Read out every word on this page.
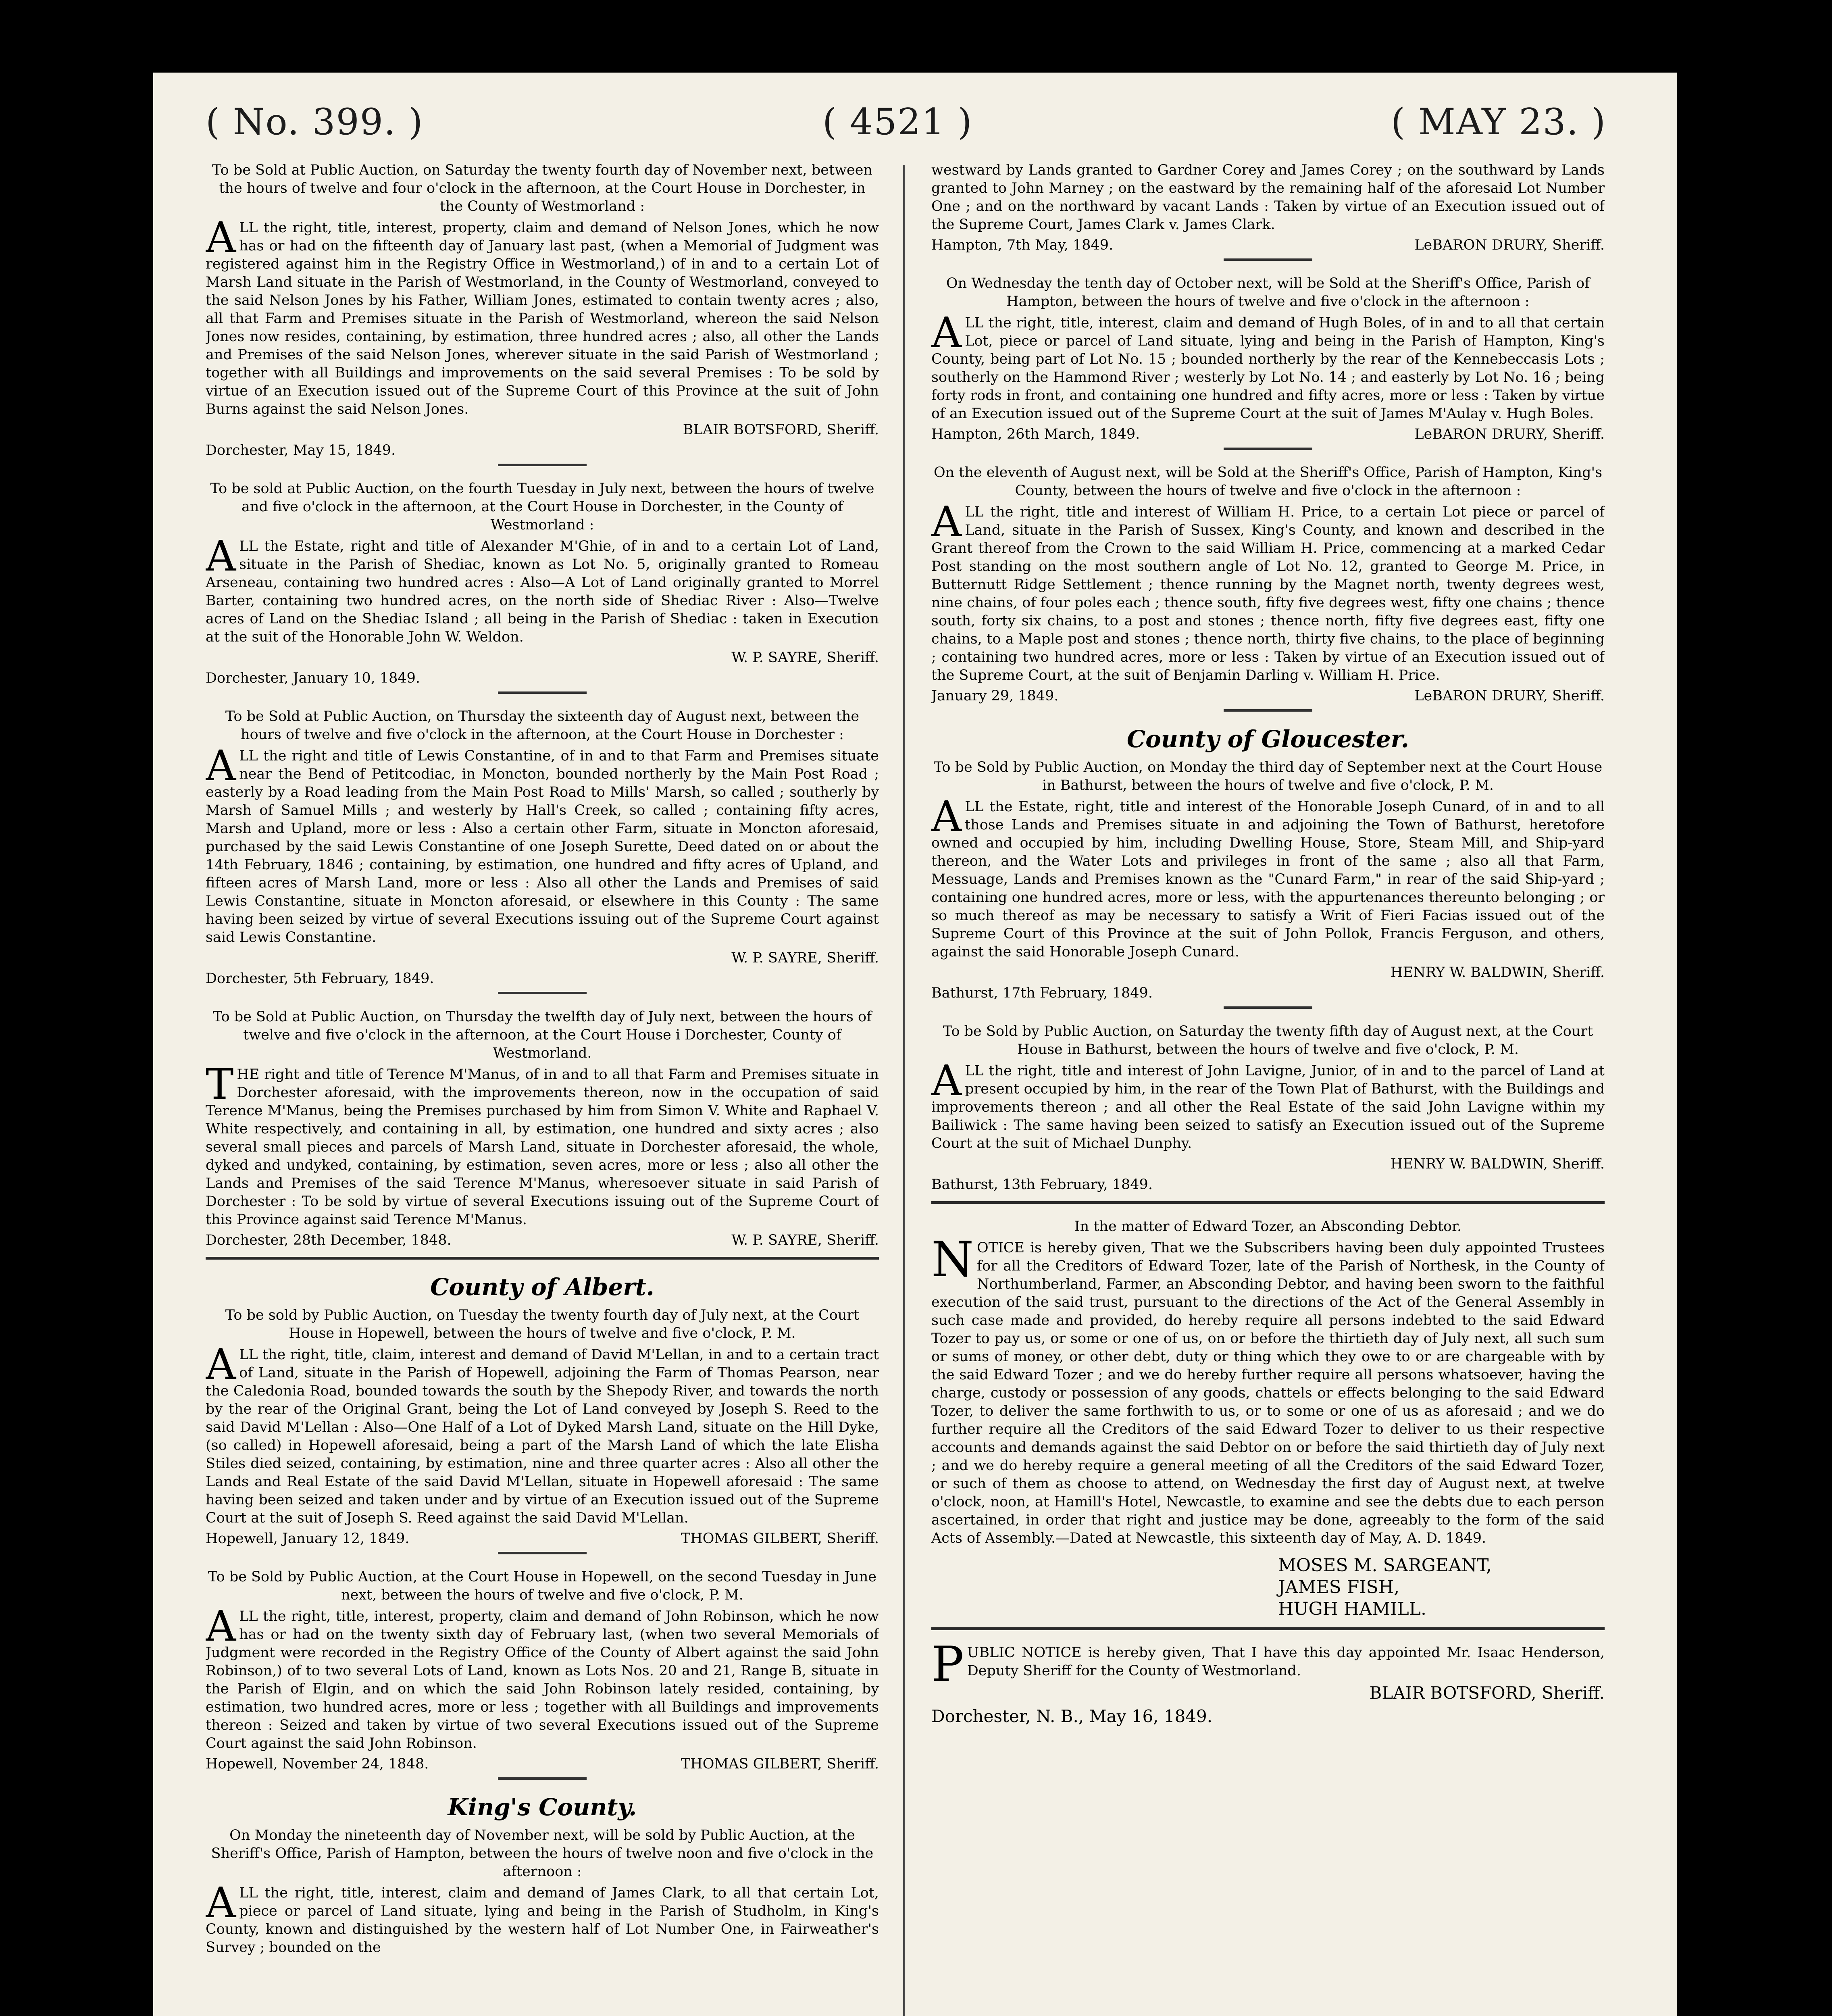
( No. 399. )	( 4521 )	( MAY 23. )

To be Sold at Public Auction, on Saturday the twenty fourth day of November next, between the hours of twelve and four o'clock in the afternoon, at the Court House in Dorchester, in the County of Westmorland :

ALL the right, title, interest, property, claim and demand of Nelson Jones, which he now has or had on the fifteenth day of January last past, (when a Memorial of Judgment was registered against him in the Registry Office in Westmorland,) of in and to a certain Lot of Marsh Land situate in the Parish of Westmorland, in the County of Westmorland, conveyed to the said Nelson Jones by his Father, William Jones, estimated to contain twenty acres ; also, all that Farm and Premises situate in the Parish of Westmorland, whereon the said Nelson Jones now resides, containing, by estimation, three hundred acres ; also, all other the Lands and Premises of the said Nelson Jones, wherever situate in the said Parish of Westmorland ; together with all Buildings and improvements on the said several Premises : To be sold by virtue of an Execution issued out of the Supreme Court of this Province at the suit of John Burns against the said Nelson Jones.

BLAIR BOTSFORD, Sheriff.
Dorchester, May 15, 1849.

To be sold at Public Auction, on the fourth Tuesday in July next, between the hours of twelve and five o'clock in the afternoon, at the Court House in Dorchester, in the County of Westmorland :

ALL the Estate, right and title of Alexander M'Ghie, of in and to a certain Lot of Land, situate in the Parish of Shediac, known as Lot No. 5, originally granted to Romeau Arseneau, containing two hundred acres : Also—A Lot of Land originally granted to Morrel Barter, containing two hundred acres, on the north side of Shediac River : Also—Twelve acres of Land on the Shediac Island ; all being in the Parish of Shediac : taken in Execution at the suit of the Honorable John W. Weldon.

W. P. SAYRE, Sheriff.
Dorchester, January 10, 1849.

To be Sold at Public Auction, on Thursday the sixteenth day of August next, between the hours of twelve and five o'clock in the afternoon, at the Court House in Dorchester :

ALL the right and title of Lewis Constantine, of in and to that Farm and Premises situate near the Bend of Petitcodiac, in Moncton, bounded northerly by the Main Post Road ; easterly by a Road leading from the Main Post Road to Mills' Marsh, so called ; southerly by Marsh of Samuel Mills ; and westerly by Hall's Creek, so called ; containing fifty acres, Marsh and Upland, more or less : Also a certain other Farm, situate in Moncton aforesaid, purchased by the said Lewis Constantine of one Joseph Surette, Deed dated on or about the 14th February, 1846 ; containing, by estimation, one hundred and fifty acres of Upland, and fifteen acres of Marsh Land, more or less : Also all other the Lands and Premises of said Lewis Constantine, situate in Moncton aforesaid, or elsewhere in this County : The same having been seized by virtue of several Executions issuing out of the Supreme Court against said Lewis Constantine.

W. P. SAYRE, Sheriff.
Dorchester, 5th February, 1849.

To be Sold at Public Auction, on Thursday the twelfth day of July next, between the hours of twelve and five o'clock in the afternoon, at the Court House i Dorchester, County of Westmorland.

THE right and title of Terence M'Manus, of in and to all that Farm and Premises situate in Dorchester aforesaid, with the improvements thereon, now in the occupation of said Terence M'Manus, being the Premises purchased by him from Simon V. White and Raphael V. White respectively, and containing in all, by estimation, one hundred and sixty acres ; also several small pieces and parcels of Marsh Land, situate in Dorchester aforesaid, the whole, dyked and undyked, containing, by estimation, seven acres, more or less ; also all other the Lands and Premises of the said Terence M'Manus, wheresoever situate in said Parish of Dorchester : To be sold by virtue of several Executions issuing out of the Supreme Court of this Province against said Terence M'Manus.

Dorchester, 28th December, 1848.	W. P. SAYRE, Sheriff.
County of Albert.

To be sold by Public Auction, on Tuesday the twenty fourth day of July next, at the Court House in Hopewell, between the hours of twelve and five o'clock, P. M.

ALL the right, title, claim, interest and demand of David M'Lellan, in and to a certain tract of Land, situate in the Parish of Hopewell, adjoining the Farm of Thomas Pearson, near the Caledonia Road, bounded towards the south by the Shepody River, and towards the north by the rear of the Original Grant, being the Lot of Land conveyed by Joseph S. Reed to the said David M'Lellan : Also—One Half of a Lot of Dyked Marsh Land, situate on the Hill Dyke, (so called) in Hopewell aforesaid, being a part of the Marsh Land of which the late Elisha Stiles died seized, containing, by estimation, nine and three quarter acres : Also all other the Lands and Real Estate of the said David M'Lellan, situate in Hopewell aforesaid : The same having been seized and taken under and by virtue of an Execution issued out of the Supreme Court at the suit of Joseph S. Reed against the said David M'Lellan.

Hopewell, January 12, 1849.	THOMAS GILBERT, Sheriff.

To be Sold by Public Auction, at the Court House in Hopewell, on the second Tuesday in June next, between the hours of twelve and five o'clock, P. M.

ALL the right, title, interest, property, claim and demand of John Robinson, which he now has or had on the twenty sixth day of February last, (when two several Memorials of Judgment were recorded in the Registry Office of the County of Albert against the said John Robinson,) of to two several Lots of Land, known as Lots Nos. 20 and 21, Range B, situate in the Parish of Elgin, and on which the said John Robinson lately resided, containing, by estimation, two hundred acres, more or less ; together with all Buildings and improvements thereon : Seized and taken by virtue of two several Executions issued out of the Supreme Court against the said John Robinson.

Hopewell, November 24, 1848.	THOMAS GILBERT, Sheriff.
King's County.

On Monday the nineteenth day of November next, will be sold by Public Auction, at the Sheriff's Office, Parish of Hampton, between the hours of twelve noon and five o'clock in the afternoon :

ALL the right, title, interest, claim and demand of James Clark, to all that certain Lot, piece or parcel of Land situate, lying and being in the Parish of Studholm, in King's County, known and distinguished by the western half of Lot Number One, in Fairweather's Survey ; bounded on the

westward by Lands granted to Gardner Corey and James Corey ; on the southward by Lands granted to John Marney ; on the eastward by the remaining half of the aforesaid Lot Number One ; and on the northward by vacant Lands : Taken by virtue of an Execution issued out of the Supreme Court, James Clark v. James Clark.

Hampton, 7th May, 1849.	LeBARON DRURY, Sheriff.

On Wednesday the tenth day of October next, will be Sold at the Sheriff's Office, Parish of Hampton, between the hours of twelve and five o'clock in the afternoon :

ALL the right, title, interest, claim and demand of Hugh Boles, of in and to all that certain Lot, piece or parcel of Land situate, lying and being in the Parish of Hampton, King's County, being part of Lot No. 15 ; bounded northerly by the rear of the Kennebeccasis Lots ; southerly on the Hammond River ; westerly by Lot No. 14 ; and easterly by Lot No. 16 ; being forty rods in front, and containing one hundred and fifty acres, more or less : Taken by virtue of an Execution issued out of the Supreme Court at the suit of James M'Aulay v. Hugh Boles.

Hampton, 26th March, 1849.	LeBARON DRURY, Sheriff.

On the eleventh of August next, will be Sold at the Sheriff's Office, Parish of Hampton, King's County, between the hours of twelve and five o'clock in the afternoon :

ALL the right, title and interest of William H. Price, to a certain Lot piece or parcel of Land, situate in the Parish of Sussex, King's County, and known and described in the Grant thereof from the Crown to the said William H. Price, commencing at a marked Cedar Post standing on the most southern angle of Lot No. 12, granted to George M. Price, in Butternutt Ridge Settlement ; thence running by the Magnet north, twenty degrees west, nine chains, of four poles each ; thence south, fifty five degrees west, fifty one chains ; thence south, forty six chains, to a post and stones ; thence north, fifty five degrees east, fifty one chains, to a Maple post and stones ; thence north, thirty five chains, to the place of beginning ; containing two hundred acres, more or less : Taken by virtue of an Execution issued out of the Supreme Court, at the suit of Benjamin Darling v. William H. Price.

January 29, 1849.	LeBARON DRURY, Sheriff.
County of Gloucester.

To be Sold by Public Auction, on Monday the third day of September next at the Court House in Bathurst, between the hours of twelve and five o'clock, P. M.

ALL the Estate, right, title and interest of the Honorable Joseph Cunard, of in and to all those Lands and Premises situate in and adjoining the Town of Bathurst, heretofore owned and occupied by him, including Dwelling House, Store, Steam Mill, and Ship-yard thereon, and the Water Lots and privileges in front of the same ; also all that Farm, Messuage, Lands and Premises known as the "Cunard Farm," in rear of the said Ship-yard ; containing one hundred acres, more or less, with the appurtenances thereunto belonging ; or so much thereof as may be necessary to satisfy a Writ of Fieri Facias issued out of the Supreme Court of this Province at the suit of John Pollok, Francis Ferguson, and others, against the said Honorable Joseph Cunard.

HENRY W. BALDWIN, Sheriff.
Bathurst, 17th February, 1849.

To be Sold by Public Auction, on Saturday the twenty fifth day of August next, at the Court House in Bathurst, between the hours of twelve and five o'clock, P. M.

ALL the right, title and interest of John Lavigne, Junior, of in and to the parcel of Land at present occupied by him, in the rear of the Town Plat of Bathurst, with the Buildings and improvements thereon ; and all other the Real Estate of the said John Lavigne within my Bailiwick : The same having been seized to satisfy an Execution issued out of the Supreme Court at the suit of Michael Dunphy.

HENRY W. BALDWIN, Sheriff.
Bathurst, 13th February, 1849.

In the matter of Edward Tozer, an Absconding Debtor.

NOTICE is hereby given, That we the Subscribers having been duly appointed Trustees for all the Creditors of Edward Tozer, late of the Parish of Northesk, in the County of Northumberland, Farmer, an Absconding Debtor, and having been sworn to the faithful execution of the said trust, pursuant to the directions of the Act of the General Assembly in such case made and provided, do hereby require all persons indebted to the said Edward Tozer to pay us, or some or one of us, on or before the thirtieth day of July next, all such sum or sums of money, or other debt, duty or thing which they owe to or are chargeable with by the said Edward Tozer ; and we do hereby further require all persons whatsoever, having the charge, custody or possession of any goods, chattels or effects belonging to the said Edward Tozer, to deliver the same forthwith to us, or to some or one of us as aforesaid ; and we do further require all the Creditors of the said Edward Tozer to deliver to us their respective accounts and demands against the said Debtor on or before the said thirtieth day of July next ; and we do hereby require a general meeting of all the Creditors of the said Edward Tozer, or such of them as choose to attend, on Wednesday the first day of August next, at twelve o'clock, noon, at Hamill's Hotel, Newcastle, to examine and see the debts due to each person ascertained, in order that right and justice may be done, agreeably to the form of the said Acts of Assembly.—Dated at Newcastle, this sixteenth day of May, A. D. 1849.

MOSES M. SARGEANT,
JAMES FISH,
HUGH HAMILL.

PUBLIC NOTICE is hereby given, That I have this day appointed Mr. Isaac Henderson, Deputy Sheriff for the County of Westmorland.

BLAIR BOTSFORD, Sheriff.
Dorchester, N. B., May 16, 1849.
